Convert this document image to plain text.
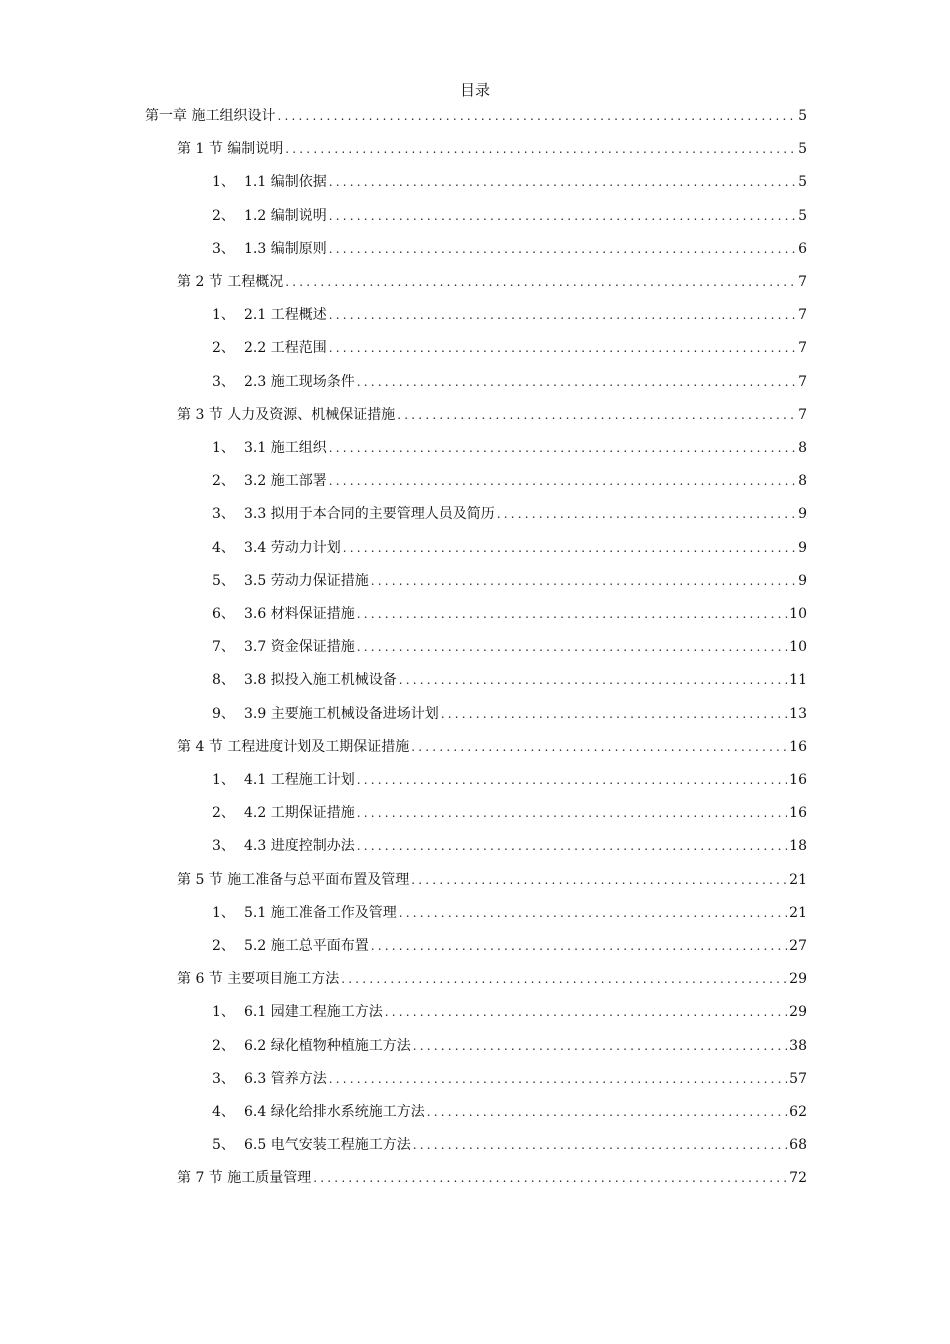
目录
第一章 施工组织设计 .....	5
第 1 节 编制说明 .....	5
1、 1.1 编制依据 .....	5
2、 1.2 编制说明 .....	5
3、 1.3 编制原则 .....	6
第 2 节 工程概况 .....	7
1、 2.1 工程概述 .....	7
2、 2.2 工程范围 .....	7
3、 2.3 施工现场条件 .....	7
第 3 节 人力及资源、机械保证措施 .....	7
1、 3.1 施工组织 .....	8
2、 3.2 施工部署 .....	8
3、 3.3 拟用于本合同的主要管理人员及简历 .....	9
4、 3.4 劳动力计划 .....	9
5、 3.5 劳动力保证措施 .....	9
6、 3.6 材料保证措施 .....	10
7、 3.7 资金保证措施 .....	10
8、 3.8 拟投入施工机械设备 .....	11
9、 3.9 主要施工机械设备进场计划 .....	13
第 4 节 工程进度计划及工期保证措施 .....	16
1、 4.1 工程施工计划 .....	16
2、 4.2 工期保证措施 .....	16
3、 4.3 进度控制办法 .....	18
第 5 节 施工准备与总平面布置及管理 .....	21
1、 5.1 施工准备工作及管理 .....	21
2、 5.2 施工总平面布置 .....	27
第 6 节 主要项目施工方法 .....	29
1、 6.1 园建工程施工方法 .....	29
2、 6.2 绿化植物种植施工方法 .....	38
3、 6.3 管养方法 .....	57
4、 6.4 绿化给排水系统施工方法 .....	62
5、 6.5 电气安装工程施工方法 .....	68
第 7 节 施工质量管理 .....	72
